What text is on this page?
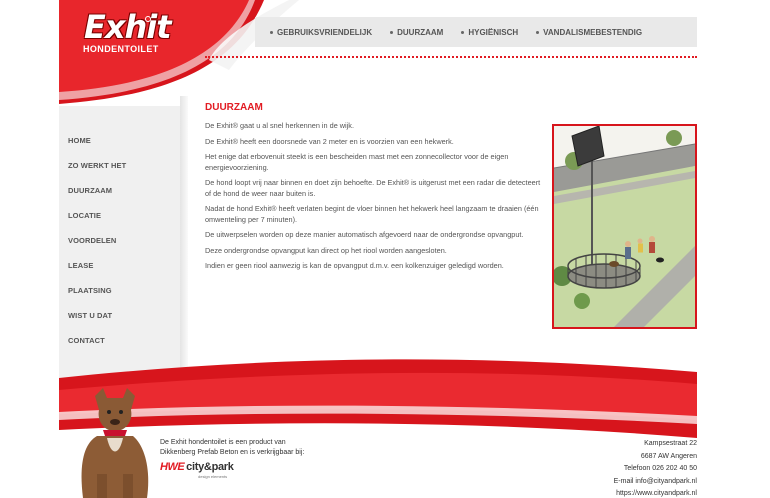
Exhit
HONDENTOILET
GEBRUIKSVRIENDELIJK	DUURZAAM	HYGIËNISCH	VANDALISMEBESTENDIG
HOME
ZO WERKT HET
DUURZAAM
LOCATIE
VOORDELEN
LEASE
PLAATSING
WIST U DAT
CONTACT
DUURZAAM

De Exhit® gaat u al snel herkennen in de wijk.

De Exhit® heeft een doorsnede van 2 meter en is voorzien van een hekwerk.

Het enige dat erbovenuit steekt is een bescheiden mast met een zonnecollector voor de eigen energievoorziening.

De hond loopt vrij naar binnen en doet zijn behoefte. De Exhit® is uitgerust met een radar die detecteert of de hond de weer naar buiten is.

Nadat de hond Exhit® heeft verlaten begint de vloer binnen het hekwerk heel langzaam te draaien (één omwenteling per 7 minuten).

De uitwerpselen worden op deze manier automatisch afgevoerd naar de ondergrondse opvangput.

Deze ondergrondse opvangput kan direct op het riool worden aangesloten.

Indien er geen riool aanwezig is kan de opvangput d.m.v. een kolkenzuiger geledigd worden.

De Exhit hondentoilet is een product van
Dikkenberg Prefab Beton en is verkrijgbaar bij:
HWE city&park
design elements
Kampsestraat 22
6687 AW Angeren
Telefoon 026 202 40 50
E-mail info@cityandpark.nl
https://www.cityandpark.nl
